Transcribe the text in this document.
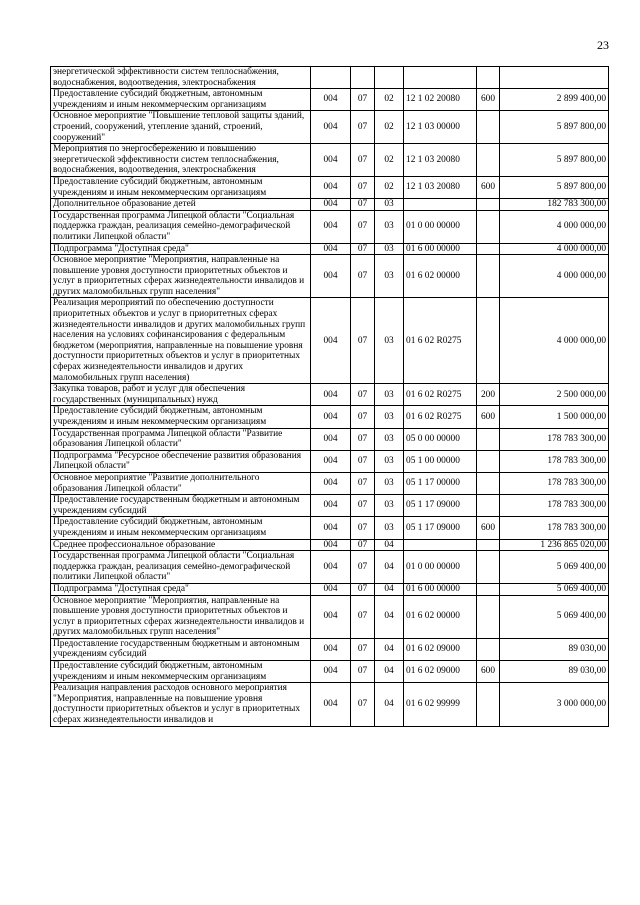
23
энергетической эффективности систем теплоснабжения, водоснабжения, водоотведения, электроснабжения						
Предоставление субсидий бюджетным, автономным учреждениям и иным некоммерческим организациям	004	07	02	12 1 02 20080	600	2 899 400,00
Основное мероприятие "Повышение тепловой защиты зданий, строений, сооружений, утепление зданий, строений, сооружений"	004	07	02	12 1 03 00000		5 897 800,00
Мероприятия по энергосбережению и повышению энергетической эффективности систем теплоснабжения, водоснабжения, водоотведения, электроснабжения	004	07	02	12 1 03 20080		5 897 800,00
Предоставление субсидий бюджетным, автономным учреждениям и иным некоммерческим организациям	004	07	02	12 1 03 20080	600	5 897 800,00
Дополнительное образование детей	004	07	03			182 783 300,00
Государственная программа Липецкой области "Социальная поддержка граждан, реализация семейно-демографической политики Липецкой области"	004	07	03	01 0 00 00000		4 000 000,00
Подпрограмма "Доступная среда"	004	07	03	01 6 00 00000		4 000 000,00
Основное мероприятие "Мероприятия, направленные на повышение уровня доступности приоритетных объектов и услуг в приоритетных сферах жизнедеятельности инвалидов и других маломобильных групп населения"	004	07	03	01 6 02 00000		4 000 000,00
Реализация мероприятий по обеспечению доступности приоритетных объектов и услуг в приоритетных сферах жизнедеятельности инвалидов и других маломобильных групп населения на условиях софинансирования с федеральным бюджетом (мероприятия, направленные на повышение уровня доступности приоритетных объектов и услуг в приоритетных сферах жизнедеятельности инвалидов и других маломобильных групп населения)	004	07	03	01 6 02 R0275		4 000 000,00
Закупка товаров, работ и услуг для обеспечения государственных (муниципальных) нужд	004	07	03	01 6 02 R0275	200	2 500 000,00
Предоставление субсидий бюджетным, автономным учреждениям и иным некоммерческим организациям	004	07	03	01 6 02 R0275	600	1 500 000,00
Государственная программа Липецкой области "Развитие образования Липецкой области"	004	07	03	05 0 00 00000		178 783 300,00
Подпрограмма "Ресурсное обеспечение развития образования Липецкой области"	004	07	03	05 1 00 00000		178 783 300,00
Основное мероприятие "Развитие дополнительного образования Липецкой области"	004	07	03	05 1 17 00000		178 783 300,00
Предоставление государственным бюджетным и автономным учреждениям субсидий	004	07	03	05 1 17 09000		178 783 300,00
Предоставление субсидий бюджетным, автономным учреждениям и иным некоммерческим организациям	004	07	03	05 1 17 09000	600	178 783 300,00
Среднее профессиональное образование	004	07	04			1 236 865 020,00
Государственная программа Липецкой области "Социальная поддержка граждан, реализация семейно-демографической политики Липецкой области"	004	07	04	01 0 00 00000		5 069 400,00
Подпрограмма "Доступная среда"	004	07	04	01 6 00 00000		5 069 400,00
Основное мероприятие "Мероприятия, направленные на повышение уровня доступности приоритетных объектов и услуг в приоритетных сферах жизнедеятельности инвалидов и других маломобильных групп населения"	004	07	04	01 6 02 00000		5 069 400,00
Предоставление государственным бюджетным и автономным учреждениям субсидий	004	07	04	01 6 02 09000		89 030,00
Предоставление субсидий бюджетным, автономным учреждениям и иным некоммерческим организациям	004	07	04	01 6 02 09000	600	89 030,00
Реализация направления расходов основного мероприятия "Мероприятия, направленные на повышение уровня доступности приоритетных объектов и услуг в приоритетных сферах жизнедеятельности инвалидов и	004	07	04	01 6 02 99999		3 000 000,00
